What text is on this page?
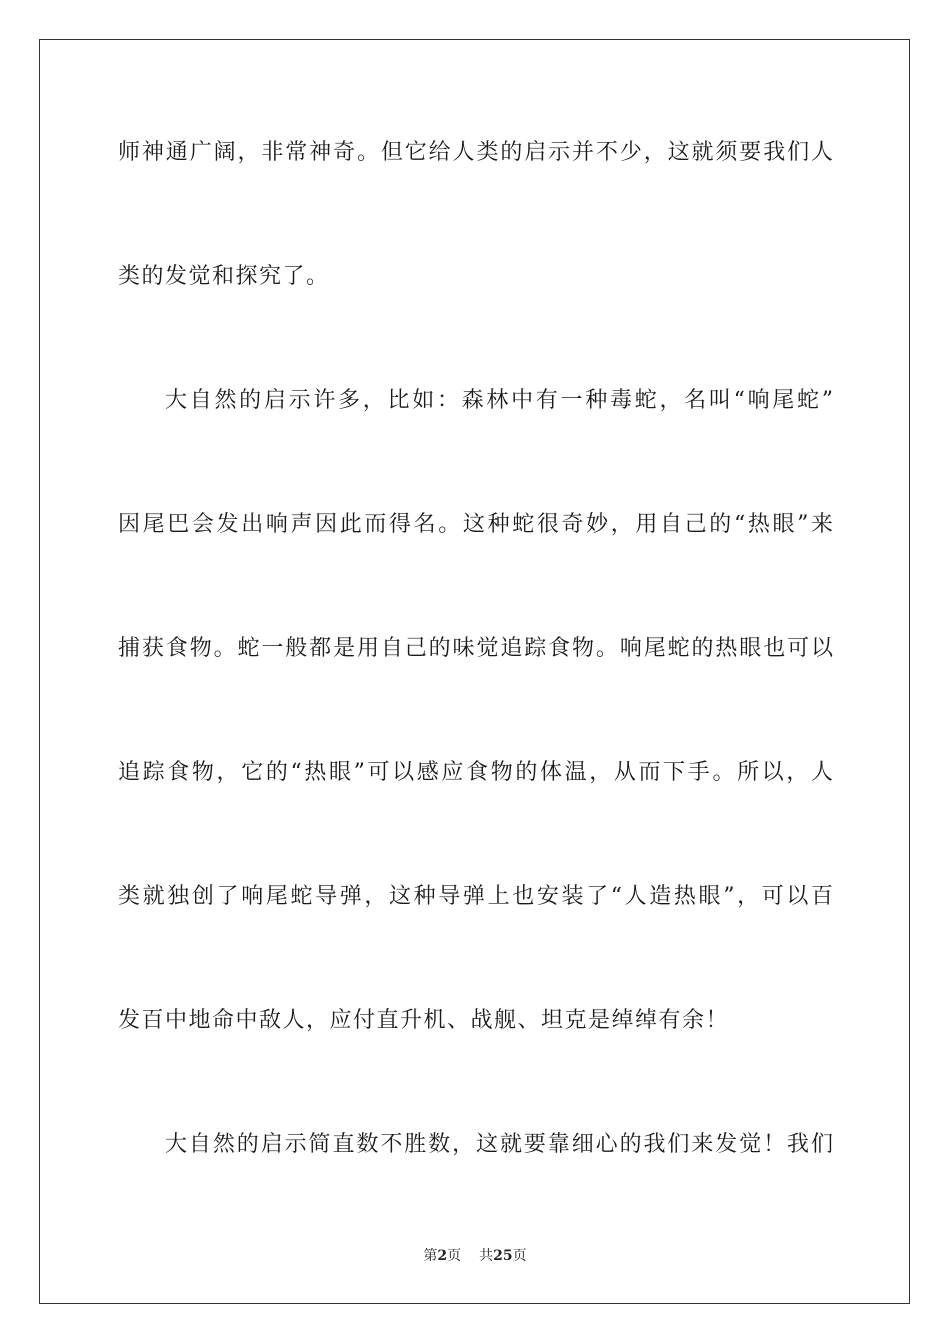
师神通广阔，非常神奇。但它给人类的启示并不少，这就须要我们人
类的发觉和探究了。
大自然的启示许多，比如：森林中有一种毒蛇，名叫“响尾蛇”
因尾巴会发出响声因此而得名。这种蛇很奇妙，用自己的“热眼”来
捕获食物。蛇一般都是用自己的味觉追踪食物。响尾蛇的热眼也可以
追踪食物，它的“热眼”可以感应食物的体温，从而下手。所以，人
类就独创了响尾蛇导弹，这种导弹上也安装了“人造热眼”，可以百
发百中地命中敌人，应付直升机、战舰、坦克是绰绰有余！
大自然的启示简直数不胜数，这就要靠细心的我们来发觉！我们
第2页 共25页
